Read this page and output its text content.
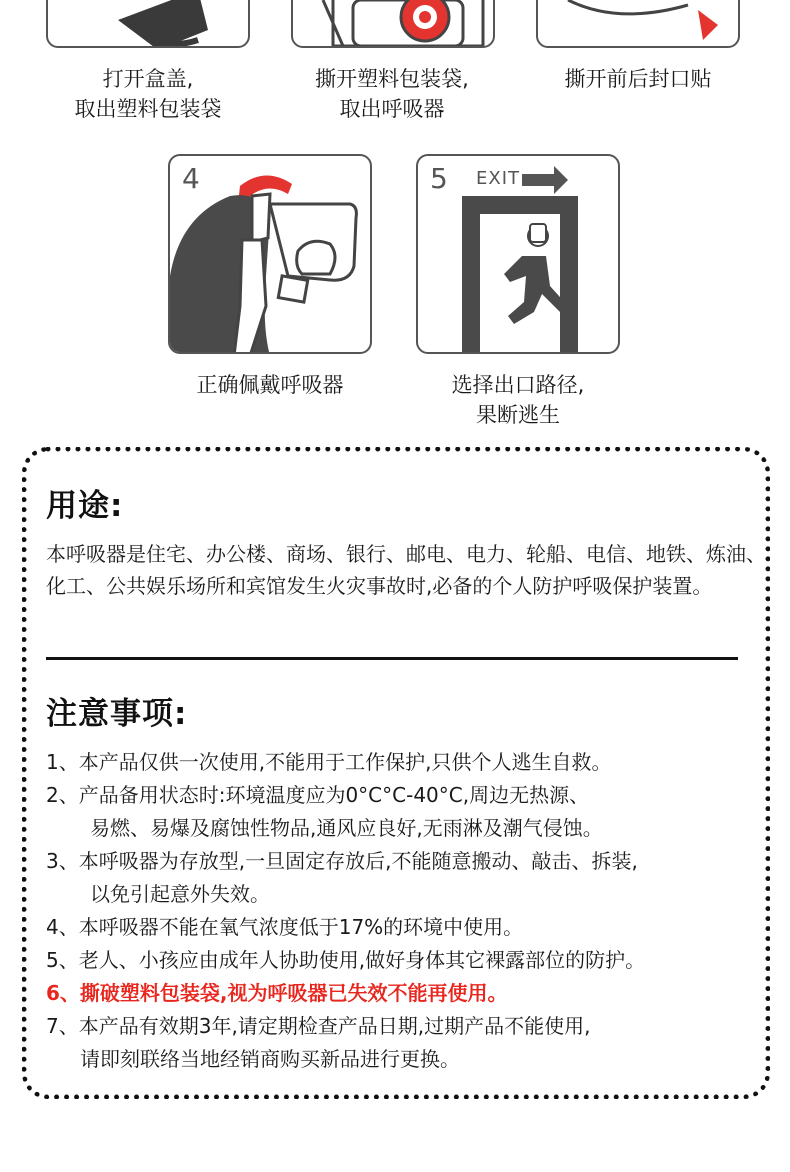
打开盒盖,
取出塑料包装袋
撕开塑料包装袋,
取出呼吸器
撕开前后封口贴
4
正确佩戴呼吸器
5 EXIT
选择出口路径,
果断逃生
用途:
本呼吸器是住宅、办公楼、商场、银行、邮电、电力、轮船、电信、地铁、炼油、化工、公共娱乐场所和宾馆发生火灾事故时,必备的个人防护呼吸保护装置。
注意事项:
1、本产品仅供一次使用,不能用于工作保护,只供个人逃生自救。
2、产品备用状态时:环境温度应为0°C°C-40°C,周边无热源、
易燃、易爆及腐蚀性物品,通风应良好,无雨淋及潮气侵蚀。
3、本呼吸器为存放型,一旦固定存放后,不能随意搬动、敲击、拆装,
以免引起意外失效。
4、本呼吸器不能在氧气浓度低于17%的环境中使用。
5、老人、小孩应由成年人协助使用,做好身体其它裸露部位的防护。
6、撕破塑料包装袋,视为呼吸器已失效不能再使用。
7、本产品有效期3年,请定期检查产品日期,过期产品不能使用,
请即刻联络当地经销商购买新品进行更换。
